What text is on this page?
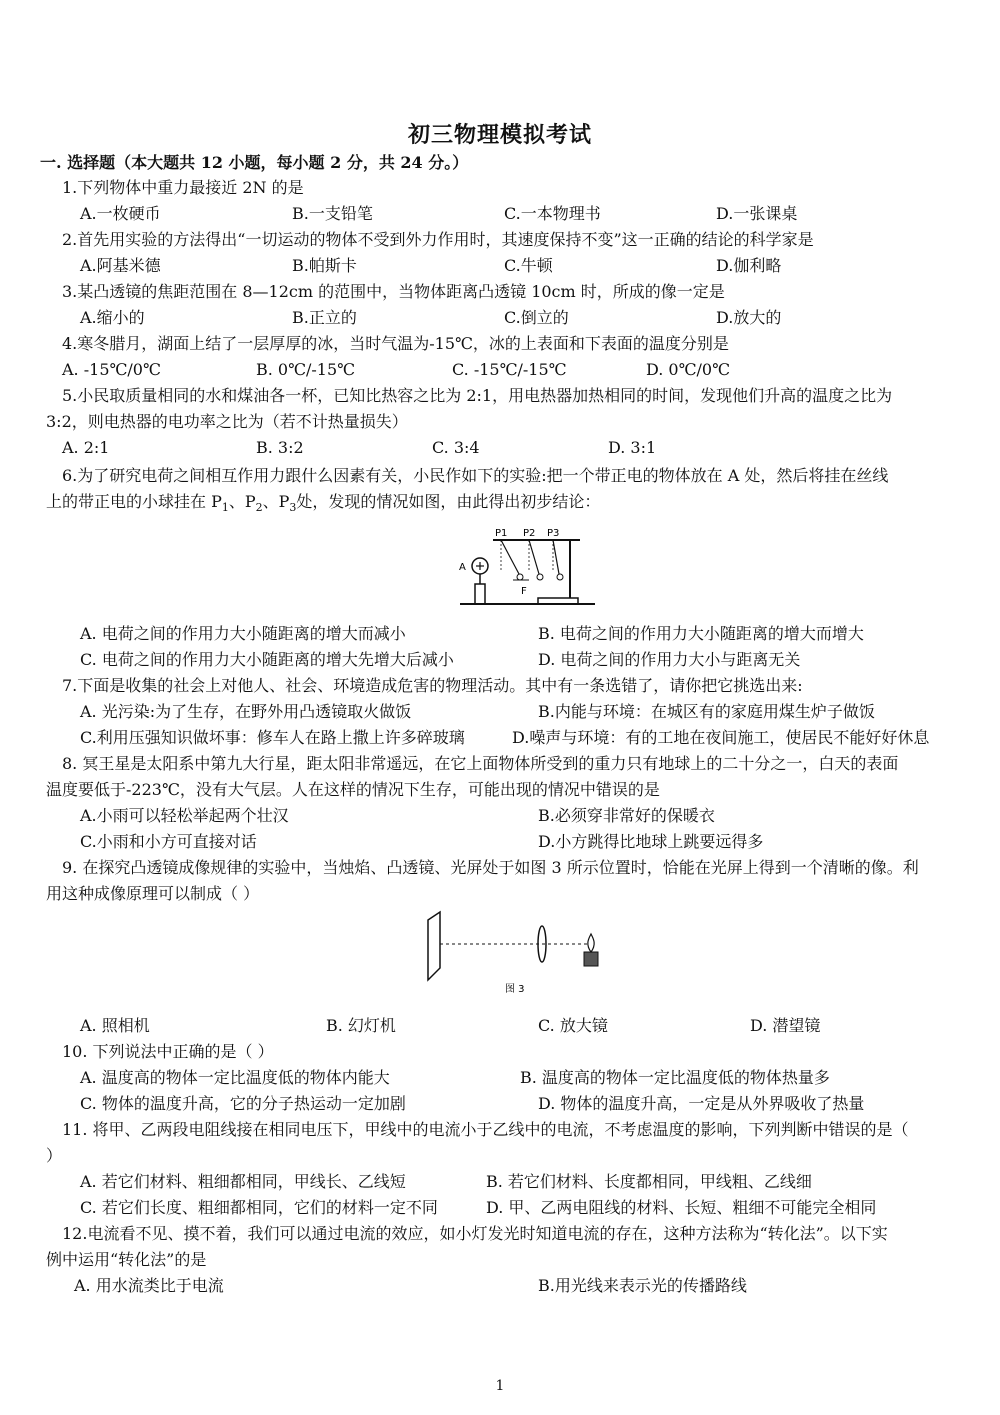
初三物理模拟考试
一. 选择题（本大题共 12 小题，每小题 2 分，共 24 分。）
1.下列物体中重力最接近 2N 的是
A.一枚硬币	B.一支铅笔	C.一本物理书	D.一张课桌
2.首先用实验的方法得出“一切运动的物体不受到外力作用时，其速度保持不变”这一正确的结论的科学家是
A.阿基米德	B.帕斯卡	C.牛顿	D.伽利略
3.某凸透镜的焦距范围在 8—12cm 的范围中，当物体距离凸透镜 10cm 时，所成的像一定是
A.缩小的	B.正立的	C.倒立的	D.放大的
4.寒冬腊月，湖面上结了一层厚厚的冰，当时气温为-15℃，冰的上表面和下表面的温度分别是
A. -15℃/0℃	B. 0℃/-15℃	C. -15℃/-15℃	D. 0℃/0℃
5.小民取质量相同的水和煤油各一杯，已知比热容之比为 2:1，用电热器加热相同的时间，发现他们升高的温度之比为
3:2，则电热器的电功率之比为（若不计热量损失）
A. 2:1	B. 3:2	C. 3:4	D. 3:1
6.为了研究电荷之间相互作用力跟什么因素有关，小民作如下的实验:把一个带正电的物体放在 A 处，然后将挂在丝线
上的带正电的小球挂在 $P_1$、$P_2$、$P_3$处，发现的情况如图，由此得出初步结论：
A
P1 P2 P3
F
A. 电荷之间的作用力大小随距离的增大而减小	B. 电荷之间的作用力大小随距离的增大而增大
C. 电荷之间的作用力大小随距离的增大先增大后减小	D. 电荷之间的作用力大小与距离无关
7.下面是收集的社会上对他人、社会、环境造成危害的物理活动。其中有一条选错了，请你把它挑选出来:
A. 光污染:为了生存，在野外用凸透镜取火做饭	B.内能与环境：在城区有的家庭用煤生炉子做饭
C.利用压强知识做坏事：修车人在路上撒上许多碎玻璃	D.噪声与环境：有的工地在夜间施工，使居民不能好好休息
8. 冥王星是太阳系中第九大行星，距太阳非常遥远，在它上面物体所受到的重力只有地球上的二十分之一，白天的表面
温度要低于-223℃，没有大气层。人在这样的情况下生存，可能出现的情况中错误的是
A.小雨可以轻松举起两个壮汉	B.必须穿非常好的保暖衣
C.小雨和小方可直接对话	D.小方跳得比地球上跳要远得多
9. 在探究凸透镜成像规律的实验中，当烛焰、凸透镜、光屏处于如图 3 所示位置时，恰能在光屏上得到一个清晰的像。利
用这种成像原理可以制成（ ）
图 3
A. 照相机	B. 幻灯机	C. 放大镜	D. 潜望镜
10. 下列说法中正确的是（ ）
A. 温度高的物体一定比温度低的物体内能大	B. 温度高的物体一定比温度低的物体热量多
C. 物体的温度升高，它的分子热运动一定加剧	D. 物体的温度升高，一定是从外界吸收了热量
11. 将甲、乙两段电阻线接在相同电压下，甲线中的电流小于乙线中的电流，不考虑温度的影响，下列判断中错误的是（
）
A. 若它们材料、粗细都相同，甲线长、乙线短	B. 若它们材料、长度都相同，甲线粗、乙线细
C. 若它们长度、粗细都相同，它们的材料一定不同	D. 甲、乙两电阻线的材料、长短、粗细不可能完全相同
12.电流看不见、摸不着，我们可以通过电流的效应，如小灯发光时知道电流的存在，这种方法称为“转化法”。以下实
例中运用“转化法”的是
A. 用水流类比于电流	B.用光线来表示光的传播路线
1
